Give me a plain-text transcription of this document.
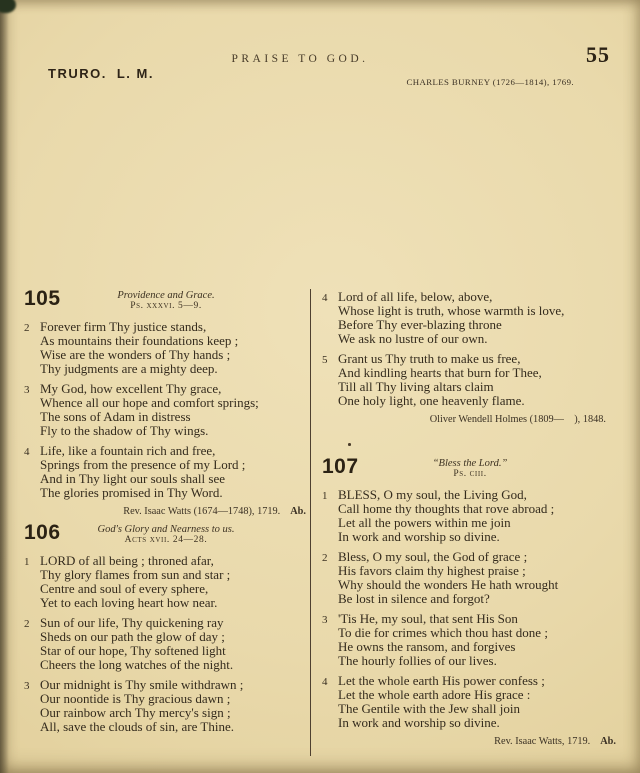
PRAISE TO GOD.	55
TRURO. L. M.
CHARLES BURNEY (1726—1814), 1769.
105	Providence and Grace.
Ps. xxxvi. 5—9.
2 Forever firm Thy justice stands,
As mountains their foundations keep ;
Wise are the wonders of Thy hands ;
Thy judgments are a mighty deep.
3 My God, how excellent Thy grace,
Whence all our hope and comfort springs;
The sons of Adam in distress
Fly to the shadow of Thy wings.
4 Life, like a fountain rich and free,
Springs from the presence of my Lord ;
And in Thy light our souls shall see
The glories promised in Thy Word.
Rev. Isaac Watts (1674—1748), 1719. Ab.
106	God's Glory and Nearness to us.
Acts xvii. 24—28.
1 LORD of all being ; throned afar,
Thy glory flames from sun and star ;
Centre and soul of every sphere,
Yet to each loving heart how near.
2 Sun of our life, Thy quickening ray
Sheds on our path the glow of day ;
Star of our hope, Thy softened light
Cheers the long watches of the night.
3 Our midnight is Thy smile withdrawn ;
Our noontide is Thy gracious dawn ;
Our rainbow arch Thy mercy's sign ;
All, save the clouds of sin, are Thine.
4 Lord of all life, below, above,
Whose light is truth, whose warmth is love,
Before Thy ever-blazing throne
We ask no lustre of our own.
5 Grant us Thy truth to make us free,
And kindling hearts that burn for Thee,
Till all Thy living altars claim
One holy light, one heavenly flame.
Oliver Wendell Holmes (1809—    ), 1848.
107	“Bless the Lord.”
Ps. ciii.
1 BLESS, O my soul, the Living God,
Call home thy thoughts that rove abroad ;
Let all the powers within me join
In work and worship so divine.
2 Bless, O my soul, the God of grace ;
His favors claim thy highest praise ;
Why should the wonders He hath wrought
Be lost in silence and forgot?
3 'Tis He, my soul, that sent His Son
To die for crimes which thou hast done ;
He owns the ransom, and forgives
The hourly follies of our lives.
4 Let the whole earth His power confess ;
Let the whole earth adore His grace :
The Gentile with the Jew shall join
In work and worship so divine.
Rev. Isaac Watts, 1719. Ab.
